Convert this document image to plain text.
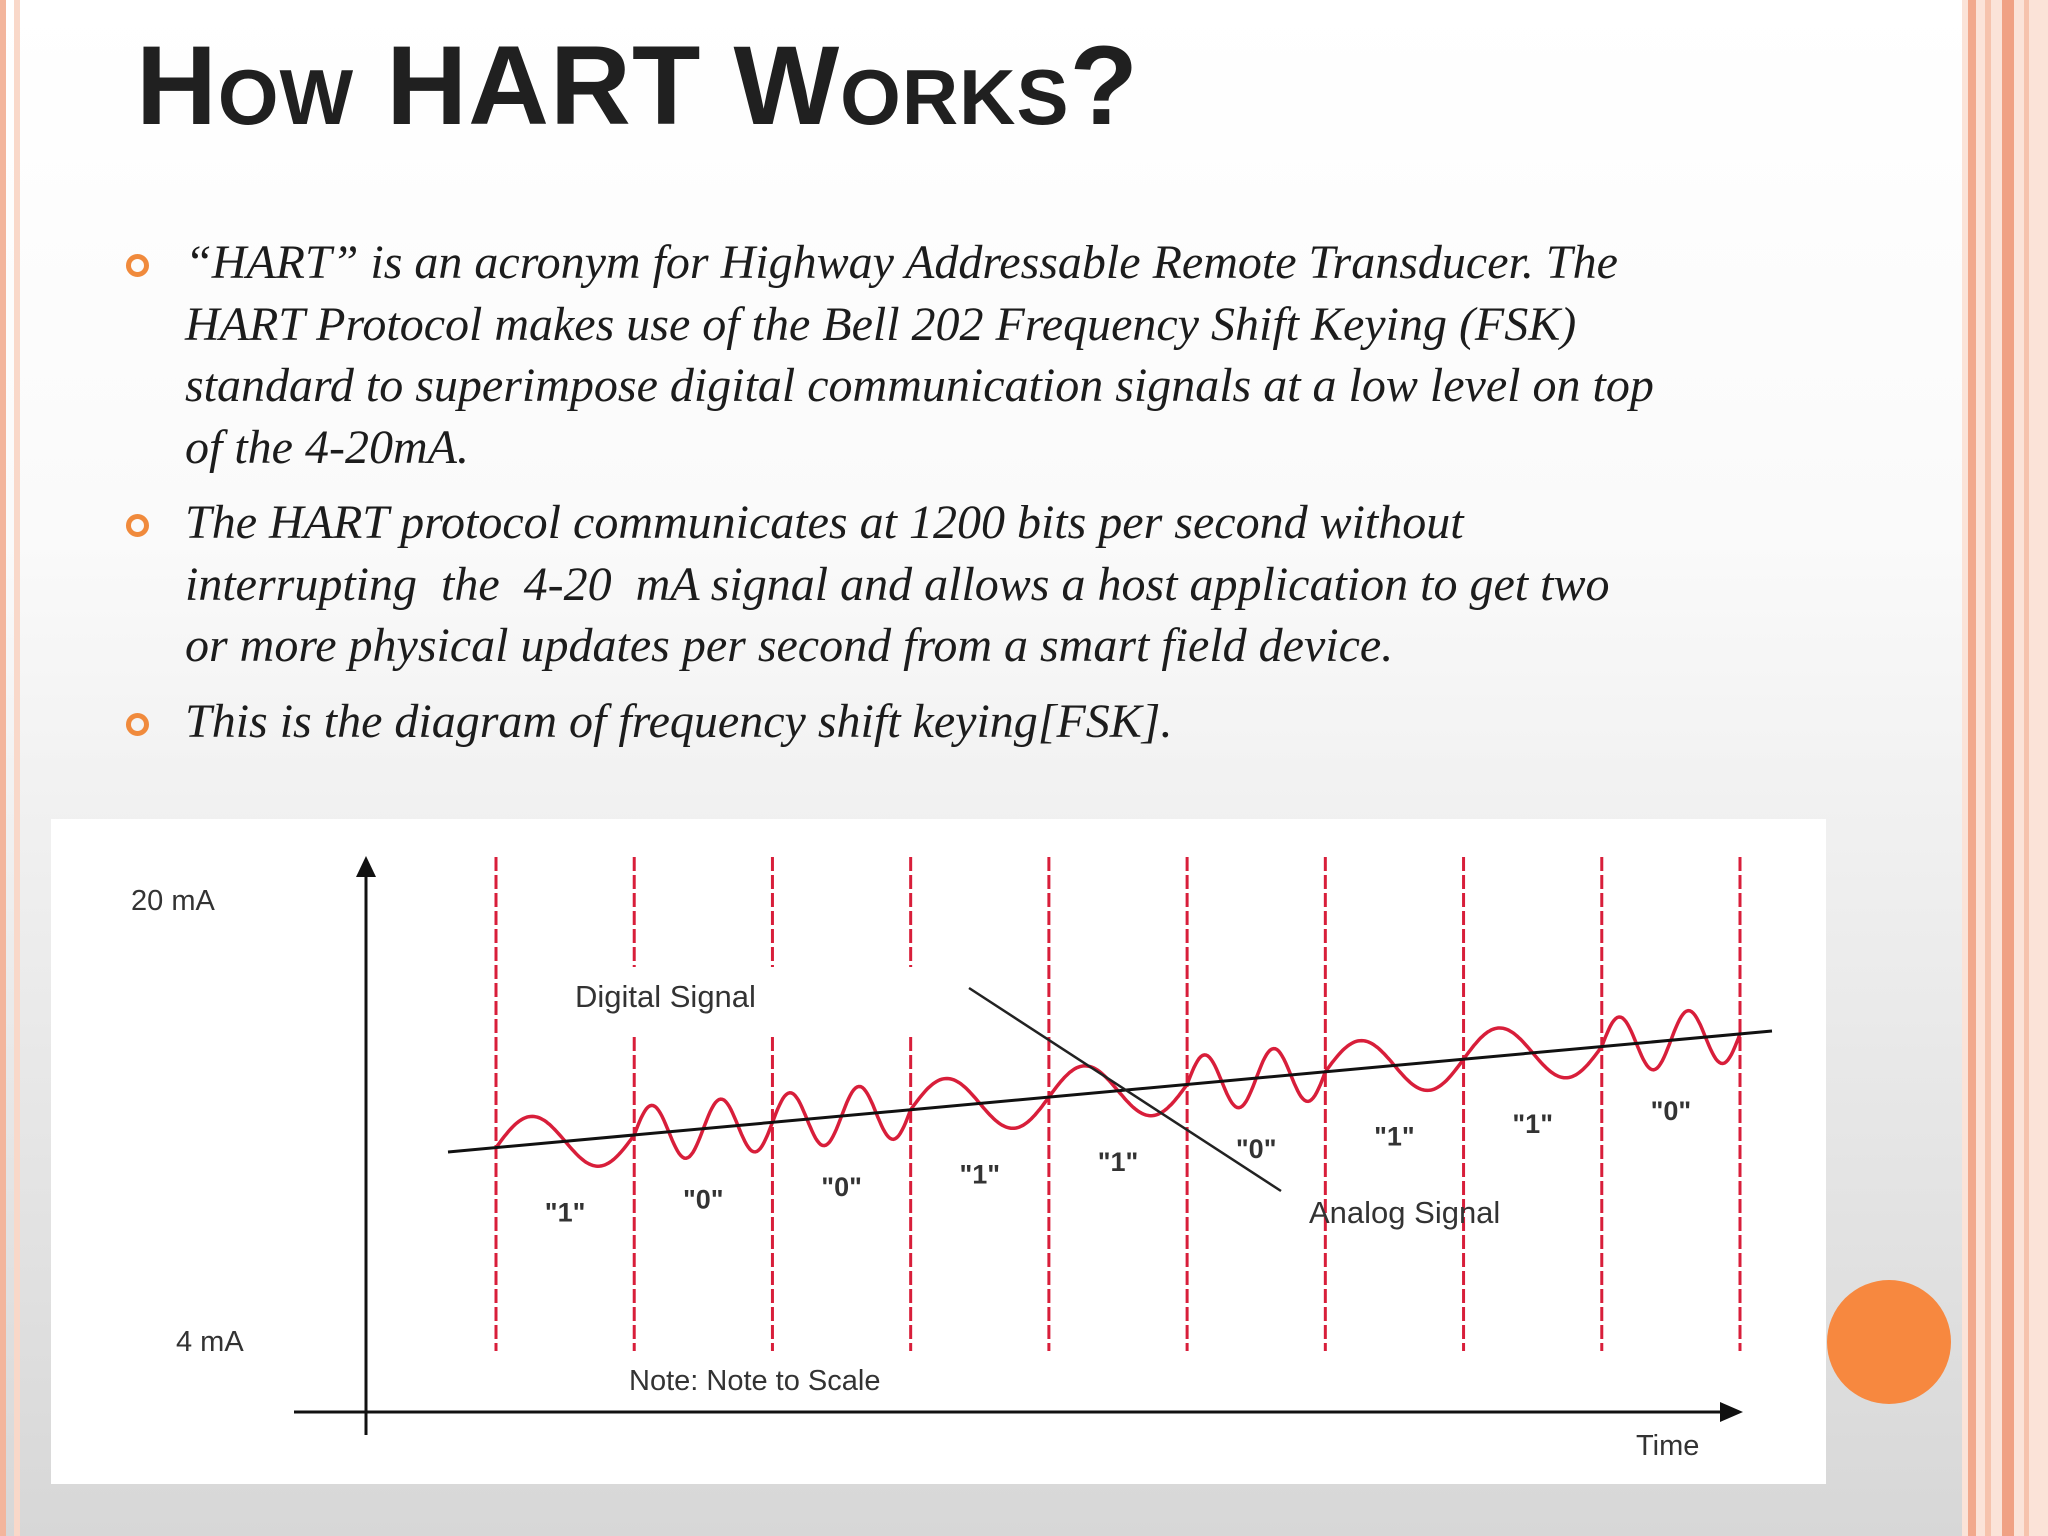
How HART Works?
“HART” is an acronym for Highway Addressable Remote Transducer. The
HART Protocol makes use of the Bell 202 Frequency Shift Keying (FSK)
standard to superimpose digital communication signals at a low level on top
of the 4-20mA.
The HART protocol communicates at 1200 bits per second without
interrupting  the  4-20  mA signal and allows a host application to get two
or more physical updates per second from a smart field device.
This is the diagram of frequency shift keying[FSK].
20 mA
4 mA
Digital Signal
Analog Signal
Note: Note to Scale
Time
"1"	"0"	"0"	"1"	"1"	"0"	"1"	"1"	"0"
